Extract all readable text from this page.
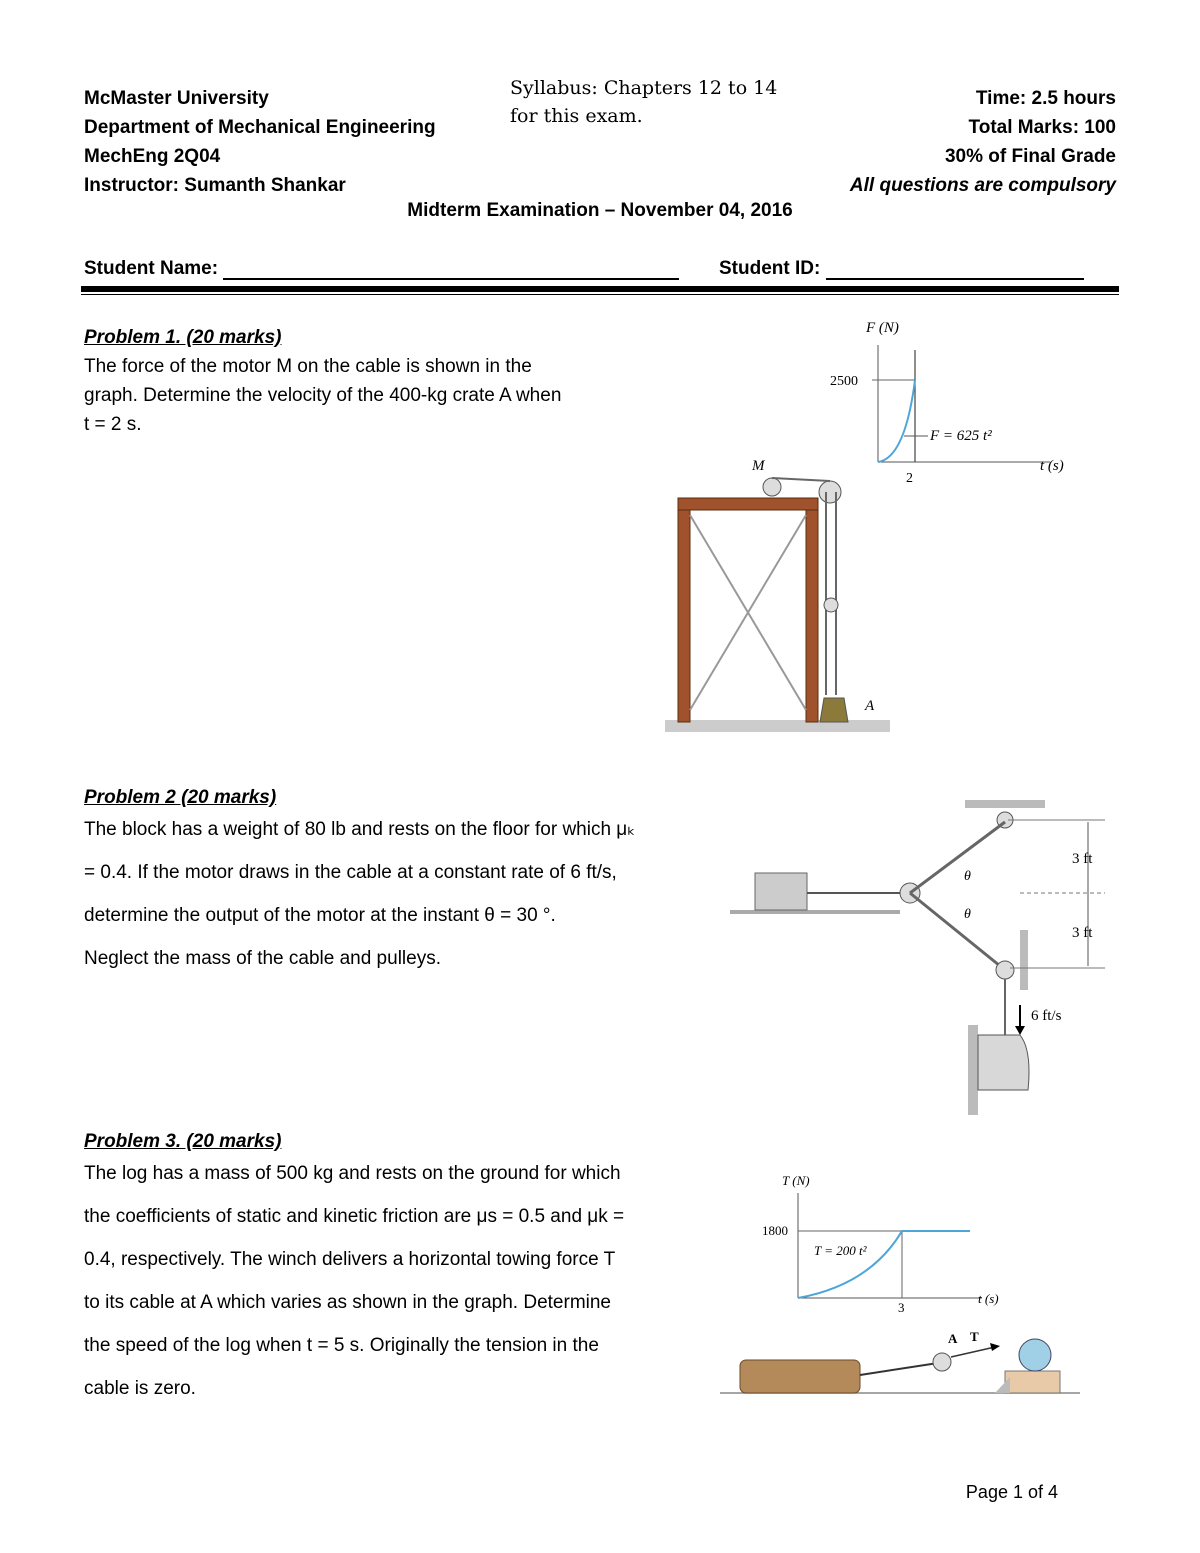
McMaster University
Department of Mechanical Engineering
MechEng 2Q04
Instructor: Sumanth Shankar
Syllabus: Chapters 12 to 14
for this exam.
Time: 2.5 hours
Total Marks: 100
30% of Final Grade
All questions are compulsory
Midterm Examination – November 04, 2016
Student Name:	Student ID:
Problem 1. (20 marks)
The force of the motor M on the cable is shown in the
graph. Determine the velocity of the 400-kg crate A when
t = 2 s.
F (N)
2500
2
t (s)
F = 625 t²
M
A
Problem 2 (20 marks)
The block has a weight of 80 lb and rests on the floor for which μₖ
= 0.4. If the motor draws in the cable at a constant rate of 6 ft/s,
determine the output of the motor at the instant θ = 30 °.
Neglect the mass of the cable and pulleys.
3 ft
3 ft
θ
θ
6 ft/s
Problem 3. (20 marks)
The log has a mass of 500 kg and rests on the ground for which
the coefficients of static and kinetic friction are μs = 0.5 and μk =
0.4, respectively. The winch delivers a horizontal towing force T
to its cable at A which varies as shown in the graph. Determine
the speed of the log when t = 5 s. Originally the tension in the
cable is zero.
T (N)
1800
T = 200 t²
3
t (s)
A T
Page 1 of 4
